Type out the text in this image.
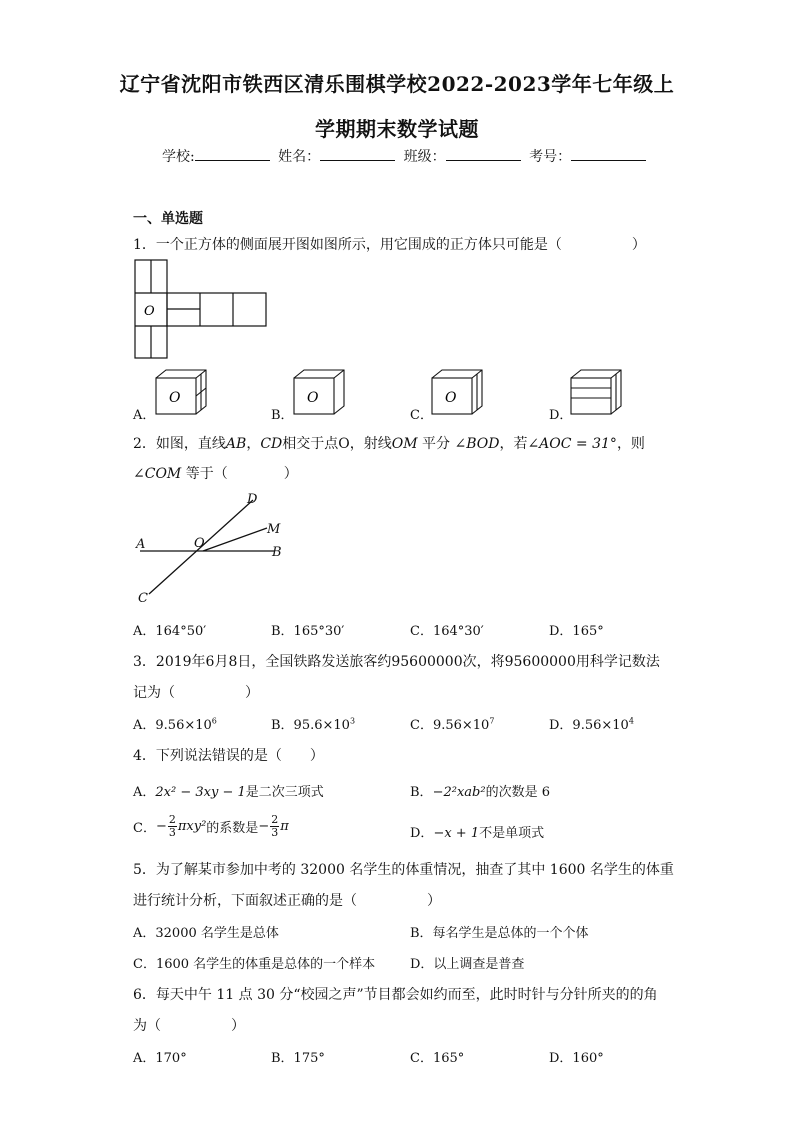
辽宁省沈阳市铁西区清乐围棋学校2022-2023学年七年级上
学期期末数学试题
学校:	姓名：	班级：	考号：
一、单选题
1．一个正方体的侧面展开图如图所示，用它围成的正方体只可能是（　　　　　）
O
A．
O
B．
O
C．
O
D．
2．如图，直线AB，CD相交于点O，射线OM 平分 ∠BOD，若∠AOC = 31°，则
∠COM 等于（　　　　）
A
B
C
D
O
M
A．164°50′	B．165°30′	C．164°30′	D．165°
3．2019年6月8日，全国铁路发送旅客约95600000次，将95600000用科学记数法
记为（　　　　　）
A．$9.56\times 10^6$	B．$95.6\times 10^3$	C．$9.56\times 10^7$	D．$9.56\times 10^4$
4．下列说法错误的是（　　）
A．2x² − 3xy − 1是二次三项式	B．−2²xab²的次数是 6
C． − $\frac{2}{3} \pi xy^2$ 的系数是 − $\frac{2}{3}$ π	D．−x + 1不是单项式
5．为了解某市参加中考的 32000 名学生的体重情况，抽查了其中 1600 名学生的体重
进行统计分析，下面叙述正确的是（　　　　　）
A．32000 名学生是总体	B．每名学生是总体的一个个体
C．1600 名学生的体重是总体的一个样本	D．以上调查是普查
6．每天中午 11 点 30 分“校园之声”节目都会如约而至，此时时针与分针所夹的的角
为（　　　　　）
A．170°	B．175°	C．165°	D．160°
